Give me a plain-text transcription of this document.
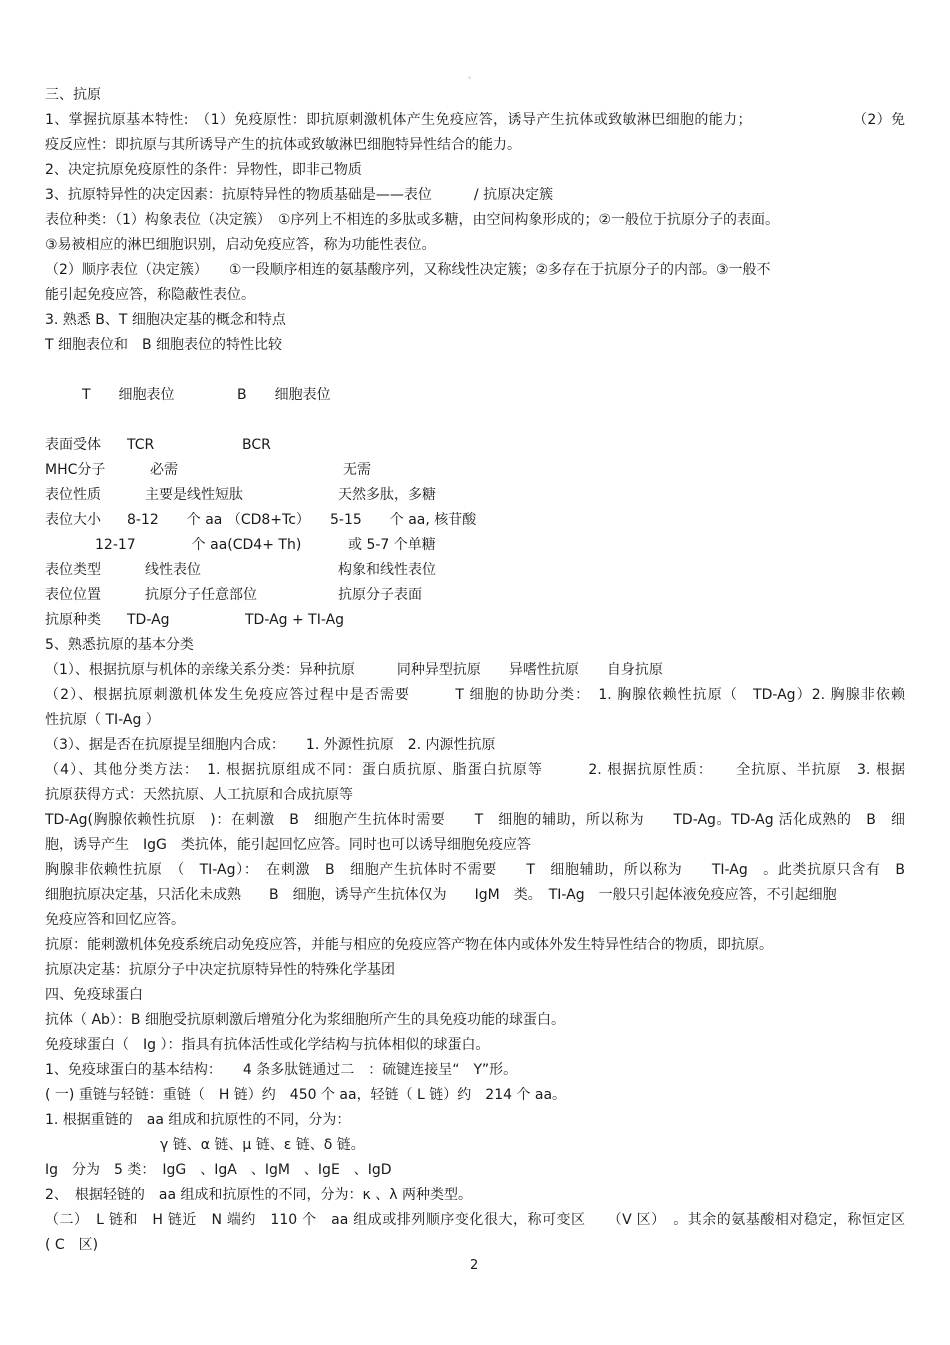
。
三、抗原
1、掌握抗原基本特性:　（1）免疫原性：即抗原刺激机体产生免疫应答，诱导产生抗体或致敏淋巴细胞的能力；　　　　　　　　（2）免
疫反应性：即抗原与其所诱导产生的抗体或致敏淋巴细胞特异性结合的能力。
2、决定抗原免疫原性的条件：异物性，即非己物质
3、抗原特异性的决定因素：抗原特异性的物质基础是——表位　　　/ 抗原决定簇
表位种类：（1）构象表位（决定簇）　①序列上不相连的多肽或多糖，由空间构象形成的；②一般位于抗原分子的表面。
③易被相应的淋巴细胞识别，启动免疫应答，称为功能性表位。
（2）顺序表位（决定簇）　　①一段顺序相连的氨基酸序列，又称线性决定簇；②多存在于抗原分子的内部。③一般不
能引起免疫应答，称隐蔽性表位。
3. 熟悉 B、T 细胞决定基的概念和特点
T 细胞表位和　B 细胞表位的特性比较
T　　细胞表位	B　　细胞表位
表面受体 TCR	BCR
MHC分子	必需	无需
表位性质	主要是线性短肽	天然多肽，多糖
表位大小 8-12　　个 aa （CD8+Tc） 5-15　　个 aa, 核苷酸
12-17　　　　个 aa(CD4+ Th)	或 5-7 个单糖
表位类型	线性表位	构象和线性表位
表位位置	抗原分子任意部位	抗原分子表面
抗原种类 TD-Ag	TD-Ag + TI-Ag
5、熟悉抗原的基本分类
（1）、根据抗原与机体的亲缘关系分类：异种抗原　　　同种异型抗原　　异嗜性抗原　　自身抗原
（2）、根据抗原刺激机体发生免疫应答过程中是否需要　　　T 细胞的协助分类：　1. 胸腺依赖性抗原（　TD-Ag）2. 胸腺非依赖
性抗原（ TI-Ag ）
（3）、据是否在抗原提呈细胞内合成：　　1. 外源性抗原　2. 内源性抗原
（4）、其他分类方法：　1. 根据抗原组成不同：蛋白质抗原、脂蛋白抗原等　　　2. 根据抗原性质：　　全抗原、半抗原　3. 根据
抗原获得方式：天然抗原、人工抗原和合成抗原等
TD-Ag(胸腺依赖性抗原　)：在刺激　B　细胞产生抗体时需要　　T　细胞的辅助，所以称为　　TD-Ag。TD-Ag 活化成熟的　B　细
胞，诱导产生　IgG　类抗体，能引起回忆应答。同时也可以诱导细胞免疫应答
胸腺非依赖性抗原　（　TI-Ag）：　在刺激　B　细胞产生抗体时不需要　　T　细胞辅助，所以称为　　TI-Ag　。此类抗原只含有　B
细胞抗原决定基，只活化未成熟　　B　细胞，诱导产生抗体仅为　　IgM　类。　TI-Ag　一般只引起体液免疫应答，不引起细胞
免疫应答和回忆应答。
抗原：能刺激机体免疫系统启动免疫应答，并能与相应的免疫应答产物在体内或体外发生特异性结合的物质，即抗原。
抗原决定基：抗原分子中决定抗原特异性的特殊化学基团
四、免疫球蛋白
抗体（ Ab）：B 细胞受抗原刺激后增殖分化为浆细胞所产生的具免疫功能的球蛋白。
免疫球蛋白（　Ig ）：指具有抗体活性或化学结构与抗体相似的球蛋白。
1、免疫球蛋白的基本结构：　　4 条多肽链通过二　：硫键连接呈“　Y”形。
( 一) 重链与轻链：重链（　H 链）约　450 个 aa，轻链（ L 链）约　214 个 aa。
1. 根据重链的　aa 组成和抗原性的不同，分为：
γ 链、α 链、μ 链、ε 链、δ 链。
Ig　分为　5 类：　IgG　、IgA　、IgM　、IgE　、IgD
2、　根据轻链的　aa 组成和抗原性的不同，分为：κ 、λ 两种类型。
（二）　L 链和　H 链近　N 端约　110 个　aa 组成或排列顺序变化很大，称可变区　　（V 区）　。其余的氨基酸相对稳定，称恒定区
( C　区)
2
